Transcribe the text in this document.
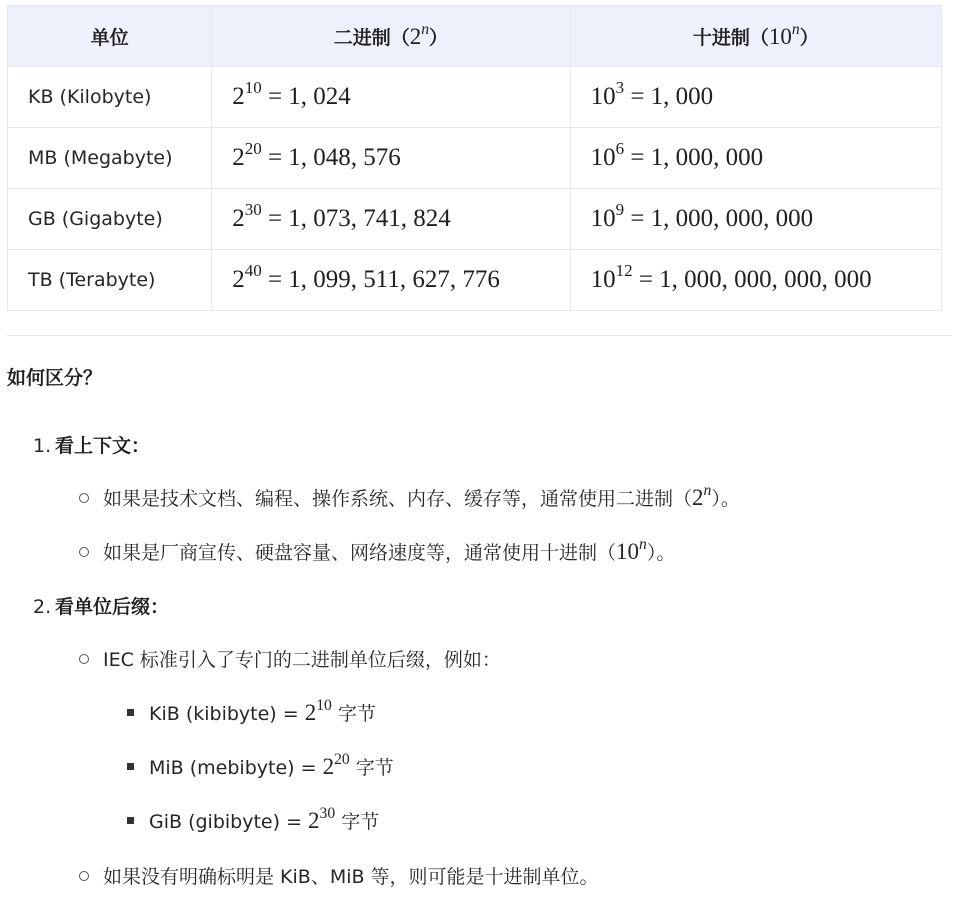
单位	二进制（2$^n$）	十进制（10$^n$）
KB (Kilobyte)	$2^{10} = 1$, 024	$10^3 = 1$, 000
MB (Megabyte)	$2^{20} = 1$, 048, 576	$10^6 = 1$, 000, 000
GB (Gigabyte)	$2^{30} = 1$, 073, 741, 824	$10^9 = 1$, 000, 000, 000
TB (Terabyte)	$2^{40} = 1$, 099, 511, 627, 776	$10^{12} = 1$, 000, 000, 000, 000
如何区分？
1. 看上下文：
如果是技术文档、编程、操作系统、内存、缓存等，通常使用二进制（2$^n$）。
如果是厂商宣传、硬盘容量、网络速度等，通常使用十进制（10$^n$）。
2. 看单位后缀：
IEC 标准引入了专门的二进制单位后缀，例如：
KiB (kibibyte) = $2^{10}$ 字节
MiB (mebibyte) = $2^{20}$ 字节
GiB (gibibyte) = $2^{30}$ 字节
如果没有明确标明是 KiB、MiB 等，则可能是十进制单位。
